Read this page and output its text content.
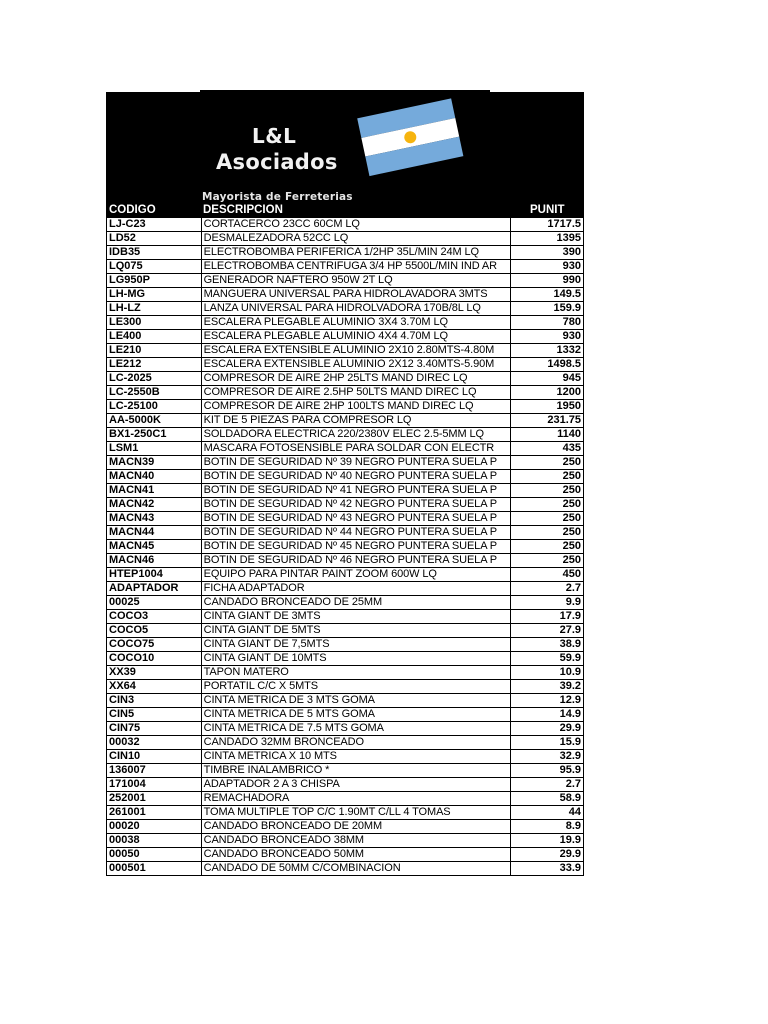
L&L
Asociados
Mayorista de Ferreterias
CODIGO	DESCRIPCION	PUNIT
LJ-C23	CORTACERCO 23CC 60CM LQ	1717.5
LD52	DESMALEZADORA 52CC LQ	1395
IDB35	ELECTROBOMBA PERIFERICA 1/2HP 35L/MIN 24M LQ	390
LQ075	ELECTROBOMBA CENTRIFUGA 3/4 HP 5500L/MIN IND AR	930
LG950P	GENERADOR NAFTERO 950W 2T LQ	990
LH-MG	MANGUERA UNIVERSAL PARA HIDROLAVADORA 3MTS	149.5
LH-LZ	LANZA UNIVERSAL PARA HIDROLVADORA 170B/8L LQ	159.9
LE300	ESCALERA PLEGABLE ALUMINIO 3X4 3.70M LQ	780
LE400	ESCALERA PLEGABLE ALUMINIO 4X4 4.70M LQ	930
LE210	ESCALERA EXTENSIBLE ALUMINIO 2X10 2.80MTS-4.80M	1332
LE212	ESCALERA EXTENSIBLE ALUMINIO 2X12 3.40MTS-5.90M	1498.5
LC-2025	COMPRESOR DE AIRE 2HP 25LTS MAND DIREC LQ	945
LC-2550B	COMPRESOR DE AIRE 2.5HP 50LTS MAND DIREC LQ	1200
LC-25100	COMPRESOR DE AIRE 2HP 100LTS MAND DIREC LQ	1950
AA-5000K	KIT DE 5 PIEZAS PARA COMPRESOR LQ	231.75
BX1-250C1	SOLDADORA ELECTRICA 220/2380V ELEC 2.5-5MM LQ	1140
LSM1	MASCARA FOTOSENSIBLE PARA SOLDAR CON ELECTR	435
MACN39	BOTIN DE SEGURIDAD Nº 39 NEGRO PUNTERA SUELA P	250
MACN40	BOTIN DE SEGURIDAD Nº 40 NEGRO PUNTERA SUELA P	250
MACN41	BOTIN DE SEGURIDAD Nº 41 NEGRO PUNTERA SUELA P	250
MACN42	BOTIN DE SEGURIDAD Nº 42 NEGRO PUNTERA SUELA P	250
MACN43	BOTIN DE SEGURIDAD Nº 43 NEGRO PUNTERA SUELA P	250
MACN44	BOTIN DE SEGURIDAD Nº 44 NEGRO PUNTERA SUELA P	250
MACN45	BOTIN DE SEGURIDAD Nº 45 NEGRO PUNTERA SUELA P	250
MACN46	BOTIN DE SEGURIDAD Nº 46 NEGRO PUNTERA SUELA P	250
HTEP1004	EQUIPO PARA PINTAR PAINT ZOOM 600W LQ	450
ADAPTADOR	FICHA ADAPTADOR	2.7
00025	CANDADO BRONCEADO DE 25MM	9.9
COCO3	CINTA GIANT DE 3MTS	17.9
COCO5	CINTA GIANT DE 5MTS	27.9
COCO75	CINTA GIANT DE 7,5MTS	38.9
COCO10	CINTA GIANT DE 10MTS	59.9
XX39	TAPON MATERO	10.9
XX64	PORTATIL C/C X 5MTS	39.2
CIN3	CINTA METRICA DE 3 MTS GOMA	12.9
CIN5	CINTA METRICA DE 5 MTS GOMA	14.9
CIN75	CINTA METRICA DE 7.5 MTS GOMA	29.9
00032	CANDADO 32MM BRONCEADO	15.9
CIN10	CINTA METRICA X 10 MTS	32.9
136007	TIMBRE INALAMBRICO *	95.9
171004	ADAPTADOR 2 A 3 CHISPA	2.7
252001	REMACHADORA	58.9
261001	TOMA MULTIPLE TOP C/C 1.90MT C/LL 4 TOMAS	44
00020	CANDADO BRONCEADO DE 20MM	8.9
00038	CANDADO BRONCEADO 38MM	19.9
00050	CANDADO BRONCEADO 50MM	29.9
000501	CANDADO DE 50MM C/COMBINACION	33.9
